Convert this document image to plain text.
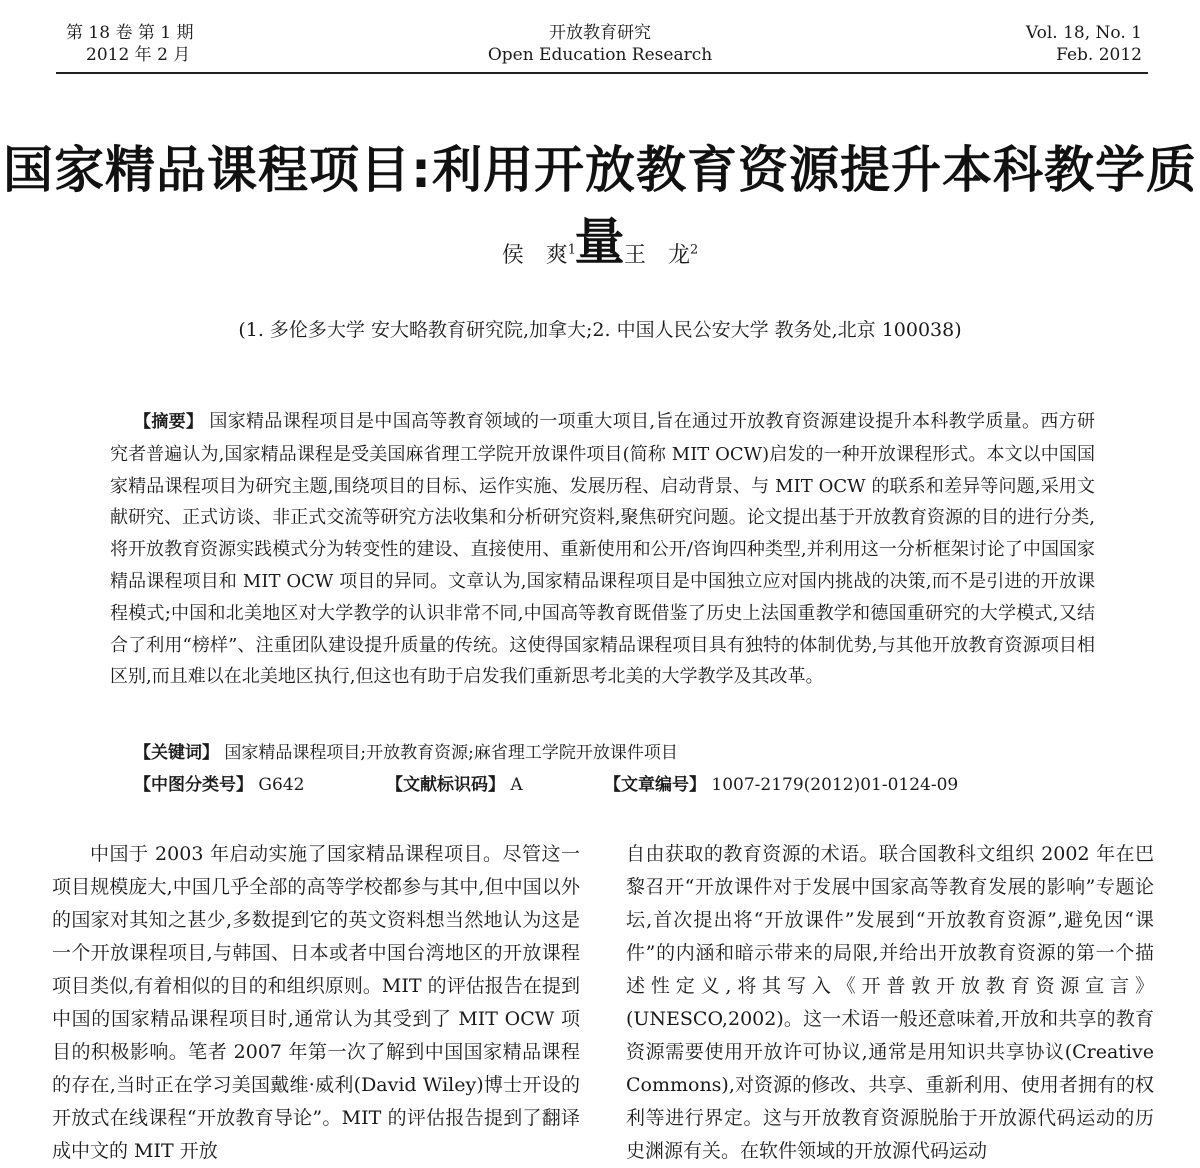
第 18 卷 第 1 期
2012 年 2 月
开放教育研究
Open Education Research
Vol. 18, No. 1
Feb. 2012
国家精品课程项目:利用开放教育资源提升本科教学质量
侯　爽$^1$ 王　龙$^2$
(1. 多伦多大学 安大略教育研究院,加拿大;2. 中国人民公安大学 教务处,北京 100038)
【摘要】 国家精品课程项目是中国高等教育领域的一项重大项目,旨在通过开放教育资源建设提升本科教学质量。西方研究者普遍认为,国家精品课程是受美国麻省理工学院开放课件项目(简称 MIT OCW)启发的一种开放课程形式。本文以中国国家精品课程项目为研究主题,围绕项目的目标、运作实施、发展历程、启动背景、与 MIT OCW 的联系和差异等问题,采用文献研究、正式访谈、非正式交流等研究方法收集和分析研究资料,聚焦研究问题。论文提出基于开放教育资源的目的进行分类,将开放教育资源实践模式分为转变性的建设、直接使用、重新使用和公开/咨询四种类型,并利用这一分析框架讨论了中国国家精品课程项目和 MIT OCW 项目的异同。文章认为,国家精品课程项目是中国独立应对国内挑战的决策,而不是引进的开放课程模式;中国和北美地区对大学教学的认识非常不同,中国高等教育既借鉴了历史上法国重教学和德国重研究的大学模式,又结合了利用“榜样”、注重团队建设提升质量的传统。这使得国家精品课程项目具有独特的体制优势,与其他开放教育资源项目相区别,而且难以在北美地区执行,但这也有助于启发我们重新思考北美的大学教学及其改革。
【关键词】 国家精品课程项目;开放教育资源;麻省理工学院开放课件项目
【中图分类号】 G642	【文献标识码】 A	【文章编号】 1007-2179(2012)01-0124-09

中国于 2003 年启动实施了国家精品课程项目。尽管这一项目规模庞大,中国几乎全部的高等学校都参与其中,但中国以外的国家对其知之甚少,多数提到它的英文资料想当然地认为这是一个开放课程项目,与韩国、日本或者中国台湾地区的开放课程项目类似,有着相似的目的和组织原则。MIT 的评估报告在提到中国的国家精品课程项目时,通常认为其受到了 MIT OCW 项目的积极影响。笔者 2007 年第一次了解到中国国家精品课程的存在,当时正在学习美国戴维·威利(David Wiley)博士开设的开放式在线课程“开放教育导论”。MIT 的评估报告提到了翻译成中文的 MIT 开放

自由获取的教育资源的术语。联合国教科文组织 2002 年在巴黎召开“开放课件对于发展中国家高等教育发展的影响”专题论坛,首次提出将“开放课件”发展到“开放教育资源”,避免因“课件”的内涵和暗示带来的局限,并给出开放教育资源的第一个描述性定义,将其写入《开普敦开放教育资源宣言》(UNESCO,2002)。这一术语一般还意味着,开放和共享的教育资源需要使用开放许可协议,通常是用知识共享协议(Creative Commons),对资源的修改、共享、重新利用、使用者拥有的权利等进行界定。这与开放教育资源脱胎于开放源代码运动的历史渊源有关。在软件领域的开放源代码运动
